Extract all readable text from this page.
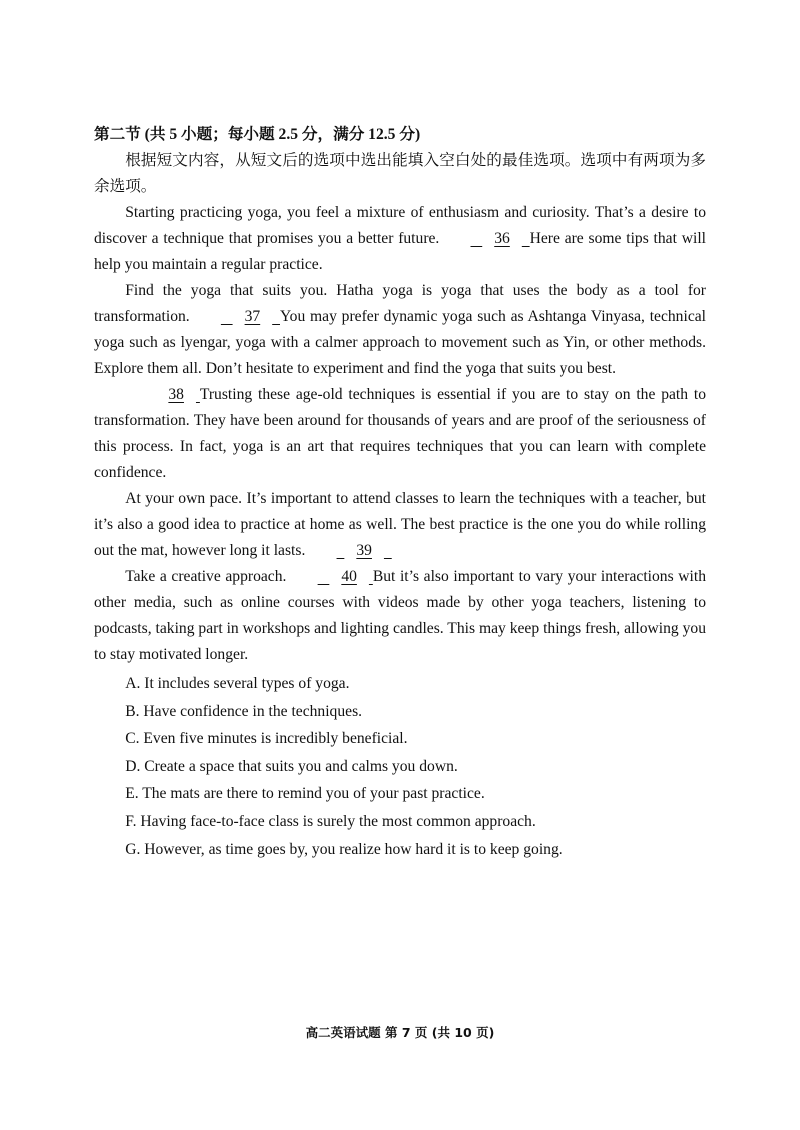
第二节 (共 5 小题；每小题 2.5 分，满分 12.5 分)

根据短文内容，从短文后的选项中选出能填入空白处的最佳选项。选项中有两项为多余选项。

Starting practicing yoga, you feel a mixture of enthusiasm and curiosity. That’s a desire to discover a technique that promises you a better future.	36 Here are some tips that will help you maintain a regular practice.

Find the yoga that suits you. Hatha yoga is yoga that uses the body as a tool for transformation.	37 You may prefer dynamic yoga such as Ashtanga Vinyasa, technical yoga such as lyengar, yoga with a calmer approach to movement such as Yin, or other methods. Explore them all. Don’t hesitate to experiment and find the yoga that suits you best.

38 Trusting these age-old techniques is essential if you are to stay on the path to transformation. They have been around for thousands of years and are proof of the seriousness of this process. In fact, yoga is an art that requires techniques that you can learn with complete confidence.

At your own pace. It’s important to attend classes to learn the techniques with a teacher, but it’s also a good idea to practice at home as well. The best practice is the one you do while rolling out the mat, however long it lasts.	39

Take a creative approach.	40 But it’s also important to vary your interactions with other media, such as online courses with videos made by other yoga teachers, listening to podcasts, taking part in workshops and lighting candles. This may keep things fresh, allowing you to stay motivated longer.

A. It includes several types of yoga.

B. Have confidence in the techniques.

C. Even five minutes is incredibly beneficial.

D. Create a space that suits you and calms you down.

E. The mats are there to remind you of your past practice.

F. Having face-to-face class is surely the most common approach.

G. However, as time goes by, you realize how hard it is to keep going.

高二英语试题 第 7 页 (共 10 页)
